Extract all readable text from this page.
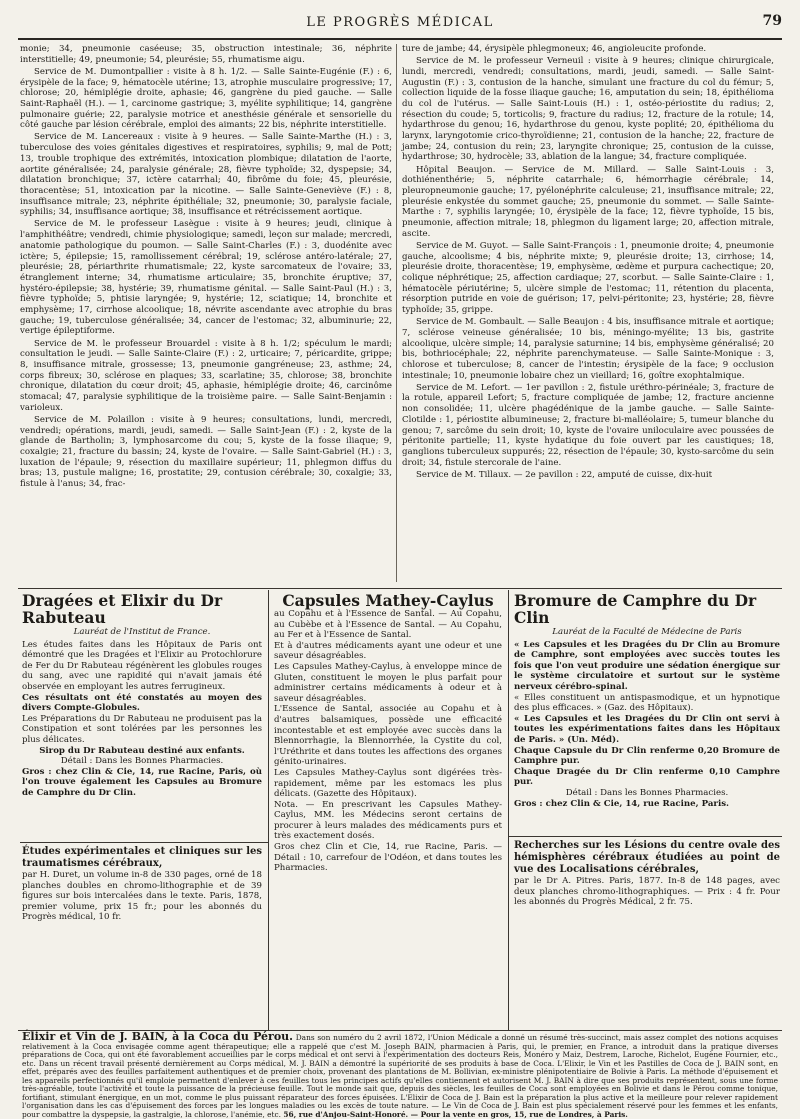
LE PROGRÈS MÉDICAL	79

monie; 34, pneumonie caséeuse; 35, obstruction intestinale; 36, néphrite interstitielle; 49, pneumonie; 54, pleurésie; 55, rhumatisme aigu.

Service de M. Dumontpallier : visite à 8 h. 1/2. — Salle Sainte-Eugénie (F.) : 6, érysipèle de la face; 9, hématocèle utérine; 13, atrophie musculaire progressive; 17, chlorose; 20, hémiplégie droite, aphasie; 46, gangrène du pied gauche. — Salle Saint-Raphaël (H.). — 1, carcinome gastrique; 3, myélite syphilitique; 14, gangrène pulmonaire guérie; 22, paralysie motrice et anesthésie générale et sensorielle du côté gauche par lésion cérébrale, emploi des aimants; 22 bis, néphrite interstitielle.

Service de M. Lancereaux : visite à 9 heures. — Salle Sainte-Marthe (H.) : 3, tuberculose des voies génitales digestives et respiratoires, syphilis; 9, mal de Pott; 13, trouble trophique des extrémités, intoxication plombique; dilatation de l'aorte, aortite généralisée; 24, paralysie générale; 28, fièvre typhoïde; 32, dyspepsie; 34, dilatation bronchique; 37, ictère catarrhal; 40, fibrôme du foie; 45, pleurésie, thoracentèse; 51, intoxication par la nicotine. — Salle Sainte-Geneviève (F.) : 8, insuffisance mitrale; 23, néphrite épithéliale; 32, pneumonie; 30, paralysie faciale, syphilis; 34, insuffisance aortique; 38, insuffisance et rétrécissement aortique.

Service de M. le professeur Lasègue : visite à 9 heures; jeudi, clinique à l'amphithéâtre; vendredi, chimie physiologique; samedi, leçon sur malade; mercredi, anatomie pathologique du poumon. — Salle Saint-Charles (F.) : 3, duodénite avec ictère; 5, épilepsie; 15, ramollissement cérébral; 19, sclérose antéro-latérale; 27, pleurésie; 28, périarthrite rhumatismale; 22, kyste sarcomateux de l'ovaire; 33, étranglement interne; 34, rhumatisme articulaire; 35, bronchite éruptive; 37, hystéro-épilepsie; 38, hystérie; 39, rhumatisme génital. — Salle Saint-Paul (H.) : 3, fièvre typhoïde; 5, phtisie laryngée; 9, hystérie; 12, sciatique; 14, bronchite et emphysème; 17, cirrhose alcoolique; 18, névrite ascendante avec atrophie du bras gauche; 19, tuberculose généralisée; 34, cancer de l'estomac; 32, albuminurie; 22, vertige épileptiforme.

Service de M. le professeur Brouardel : visite à 8 h. 1/2; spéculum le mardi; consultation le jeudi. — Salle Sainte-Claire (F.) : 2, urticaire; 7, péricardite, grippe; 8, insuffisance mitrale, grossesse; 13, pneumonie gangréneuse; 23, asthme; 24, corps fibreux; 30, sclérose en plaques; 33, scarlatine; 35, chlorose; 38, bronchite chronique, dilatation du cœur droit; 45, aphasie, hémiplégie droite; 46, carcinôme stomacal; 47, paralysie syphilitique de la troisième paire. — Salle Saint-Benjamin : varioleux.

Service de M. Polaillon : visite à 9 heures; consultations, lundi, mercredi, vendredi; opérations, mardi, jeudi, samedi. — Salle Saint-Jean (F.) : 2, kyste de la glande de Bartholin; 3, lymphosarcome du cou; 5, kyste de la fosse iliaque; 9, coxalgie; 21, fracture du bassin; 24, kyste de l'ovaire. — Salle Saint-Gabriel (H.) : 3, luxation de l'épaule; 9, résection du maxillaire supérieur; 11, phlegmon diffus du bras; 13, pustule maligne; 16, prostatite; 29, contusion cérébrale; 30, coxalgie; 33, fistule à l'anus; 34, frac-

ture de jambe; 44, érysipèle phlegmoneux; 46, angioleucite profonde.

Service de M. le professeur Verneuil : visite à 9 heures; clinique chirurgicale, lundi, mercredi, vendredi; consultations, mardi, jeudi, samedi. — Salle Saint-Augustin (F.) : 3, contusion de la hanche, simulant une fracture du col du fémur; 5, collection liquide de la fosse iliaque gauche; 16, amputation du sein; 18, épithélioma du col de l'utérus. — Salle Saint-Louis (H.) : 1, ostéo-périostite du radius; 2, résection du coude; 5, torticolis; 9, fracture du radius; 12, fracture de la rotule; 14, hydarthrose du genou; 16, hydarthrose du genou, kyste poplité; 20, épithélioma du larynx, laryngotomie crico-thyroïdienne; 21, contusion de la hanche; 22, fracture de jambe; 24, contusion du rein; 23, laryngite chronique; 25, contusion de la cuisse, hydarthrose; 30, hydrocèle; 33, ablation de la langue; 34, fracture compliquée.

Hôpital Beaujon. — Service de M. Millard. — Salle Saint-Louis : 3, dothiénenthérie; 5, néphrite catarrhale; 6, hémorrhagie cérébrale; 14, pleuropneumonie gauche; 17, pyélonéphrite calculeuse; 21, insuffisance mitrale; 22, pleurésie enkystée du sommet gauche; 25, pneumonie du sommet. — Salle Sainte-Marthe : 7, syphilis laryngée; 10, érysipèle de la face; 12, fièvre typhoïde, 15 bis, pneumonie, affection mitrale; 18, phlegmon du ligament large; 20, affection mitrale, ascite.

Service de M. Guyot. — Salle Saint-François : 1, pneumonie droite; 4, pneumonie gauche, alcoolisme; 4 bis, néphrite mixte; 9, pleurésie droite; 13, cirrhose; 14, pleurésie droite, thoracentèse; 19, emphysème, œdème et purpura cachectique; 20, colique néphrétique; 25, affection cardiaque; 27, scorbut. — Salle Sainte-Claire : 1, hématocèle périutérine; 5, ulcère simple de l'estomac; 11, rétention du placenta, résorption putride en voie de guérison; 17, pelvi-péritonite; 23, hystérie; 28, fièvre typhoïde; 35, grippe.

Service de M. Gombault. — Salle Beaujon : 4 bis, insuffisance mitrale et aortique; 7, sclérose veineuse généralisée; 10 bis, méningo-myélite; 13 bis, gastrite alcoolique, ulcère simple; 14, paralysie saturnine; 14 bis, emphysème généralisé; 20 bis, bothriocéphale; 22, néphrite parenchymateuse. — Salle Sainte-Monique : 3, chlorose et tuberculose; 8, cancer de l'intestin; érysipèle de la face; 9 occlusion intestinale; 10, pneumonie lobaire chez un vieillard; 16, goître exophtalmique.

Service de M. Lefort. — 1er pavillon : 2, fistule uréthro-périnéale; 3, fracture de la rotule, appareil Lefort; 5, fracture compliquée de jambe; 12, fracture ancienne non consolidée; 11, ulcère phagédénique de la jambe gauche. — Salle Sainte-Clotilde : 1, périostite albumineuse; 2, fracture bi-malléolaire; 5, tumeur blanche du genou; 7, sarcôme du sein droit; 10, kyste de l'ovaire uniloculaire avec poussées de péritonite partielle; 11, kyste hydatique du foie ouvert par les caustiques; 18, ganglions tuberculeux suppurés; 22, résection de l'épaule; 30, kysto-sarcôme du sein droit; 34, fistule stercorale de l'aine.

Service de M. Tillaux. — 2e pavillon : 22, amputé de cuisse, dix-huit

Dragées et Elixir du Dr Rabuteau

Lauréat de l'Institut de France.

Les études faites dans les Hôpitaux de Paris ont démontré que les Dragées et l'Elixir au Protochlorure de Fer du Dr Rabuteau régénèrent les globules rouges du sang, avec une rapidité qui n'avait jamais été observée en employant les autres ferrugineux.

Ces résultats ont été constatés au moyen des divers Compte-Globules.

Les Préparations du Dr Rabuteau ne produisent pas la Constipation et sont tolérées par les personnes les plus délicates.

Sirop du Dr Rabuteau destiné aux enfants.

Détail : Dans les Bonnes Pharmacies.

Gros : chez Clin & Cie, 14, rue Racine, Paris, où l'on trouve également les Capsules au Bromure de Camphre du Dr Clin.

Études expérimentales et cliniques sur les traumatismes cérébraux,

par H. Duret, un volume in-8 de 330 pages, orné de 18 planches doubles en chromo-lithographie et de 39 figures sur bois intercalées dans le texte. Paris, 1878, premier volume, prix 15 fr.; pour les abonnés du Progrès médical, 10 fr.

Capsules Mathey-Caylus

au Copahu et à l'Essence de Santal. — Au Copahu, au Cubèbe et à l'Essence de Santal. — Au Copahu, au Fer et à l'Essence de Santal.

Et à d'autres médicaments ayant une odeur et une saveur désagréables.

Les Capsules Mathey-Caylus, à enveloppe mince de Gluten, constituent le moyen le plus parfait pour administrer certains médicaments à odeur et à saveur désagréables.

L'Essence de Santal, associée au Copahu et à d'autres balsamiques, possède une efficacité incontestable et est employée avec succès dans la Blennorrhagie, la Blennorrhée, la Cystite du col, l'Uréthrite et dans toutes les affections des organes génito-urinaires.

Les Capsules Mathey-Caylus sont digérées très-rapidement, même par les estomacs les plus délicats. (Gazette des Hôpitaux).

Nota. — En prescrivant les Capsules Mathey-Caylus, MM. les Médecins seront certains de procurer à leurs malades des médicaments purs et très exactement dosés.

Gros chez Clin et Cie, 14, rue Racine, Paris. — Détail : 10, carrefour de l'Odéon, et dans toutes les Pharmacies.

Bromure de Camphre du Dr Clin

Lauréat de la Faculté de Médecine de Paris

« Les Capsules et les Dragées du Dr Clin au Bromure de Camphre, sont employées avec succès toutes les fois que l'on veut produire une sédation énergique sur le système circulatoire et surtout sur le système nerveux cérébro-spinal.

« Elles constituent un antispasmodique, et un hypnotique des plus efficaces. » (Gaz. des Hôpitaux).

« Les Capsules et les Dragées du Dr Clin ont servi à toutes les expérimentations faites dans les Hôpitaux de Paris. » (Un. Méd).

Chaque Capsule du Dr Clin renferme 0,20 Bromure de Camphre pur.

Chaque Dragée du Dr Clin renferme 0,10 Camphre pur.

Détail : Dans les Bonnes Pharmacies.

Gros : chez Clin & Cie, 14, rue Racine, Paris.

Recherches sur les Lésions du centre ovale des hémisphères cérébraux étudiées au point de vue des Localisations cérébrales,

par le Dr A. Pitres. Paris, 1877. In-8 de 148 pages, avec deux planches chromo-lithographiques. — Prix : 4 fr. Pour les abonnés du Progrès Médical, 2 fr. 75.

Élixir et Vin de J. BAIN, à la Coca du Pérou. Dans son numéro du 2 avril 1872, l'Union Médicale a donné un résumé très-succinct, mais assez complet des notions acquises relativement à la Coca envisagée comme agent thérapeutique; elle a rappelé que c'est M. Joseph BAIN, pharmacien à Paris, qui, le premier, en France, a introduit dans la pratique diverses préparations de Coca, qui ont été favorablement accueillies par le corps médical et ont servi à l'expérimentation des docteurs Reis, Monéro y Maiz, Destrem, Laroche, Richelot, Eugène Fournier, etc., etc. Dans un récent travail présenté dernièrement au Corps médical, M. J. BAIN a démontré la supériorité de ses produits à base de Coca. L'Elixir, le Vin et les Pastilles de Coca de J. BAIN sont, en effet, préparés avec des feuilles parfaitement authentiques et de premier choix, provenant des plantations de M. Bollivian, ex-ministre plénipotentiaire de Bolivie à Paris. La méthode d'épuisement et les appareils perfectionnés qu'il emploie permettent d'enlever à ces feuilles tous les principes actifs qu'elles contiennent et autorisent M. J. BAIN à dire que ses produits représentent, sous une forme très-agréable, toute l'activité et toute la puissance de la précieuse feuille. Tout le monde sait que, depuis des siècles, les feuilles de Coca sont employées en Bolivie et dans le Pérou comme tonique, fortifiant, stimulant énergique, en un mot, comme le plus puissant réparateur des forces épuisées. L'Elixir de Coca de J. Bain est la préparation la plus active et la meilleure pour relever rapidement l'organisation dans les cas d'épuisement des forces par les longues maladies ou les excès de toute nature. — Le Vin de Coca de J. Bain est plus spécialement réservé pour les femmes et les enfants, pour combattre la dyspepsie, la gastralgie, la chlorose, l'anémie, etc. 56, rue d'Anjou-Saint-Honoré. — Pour la vente en gros, 15, rue de Londres, à Paris.
